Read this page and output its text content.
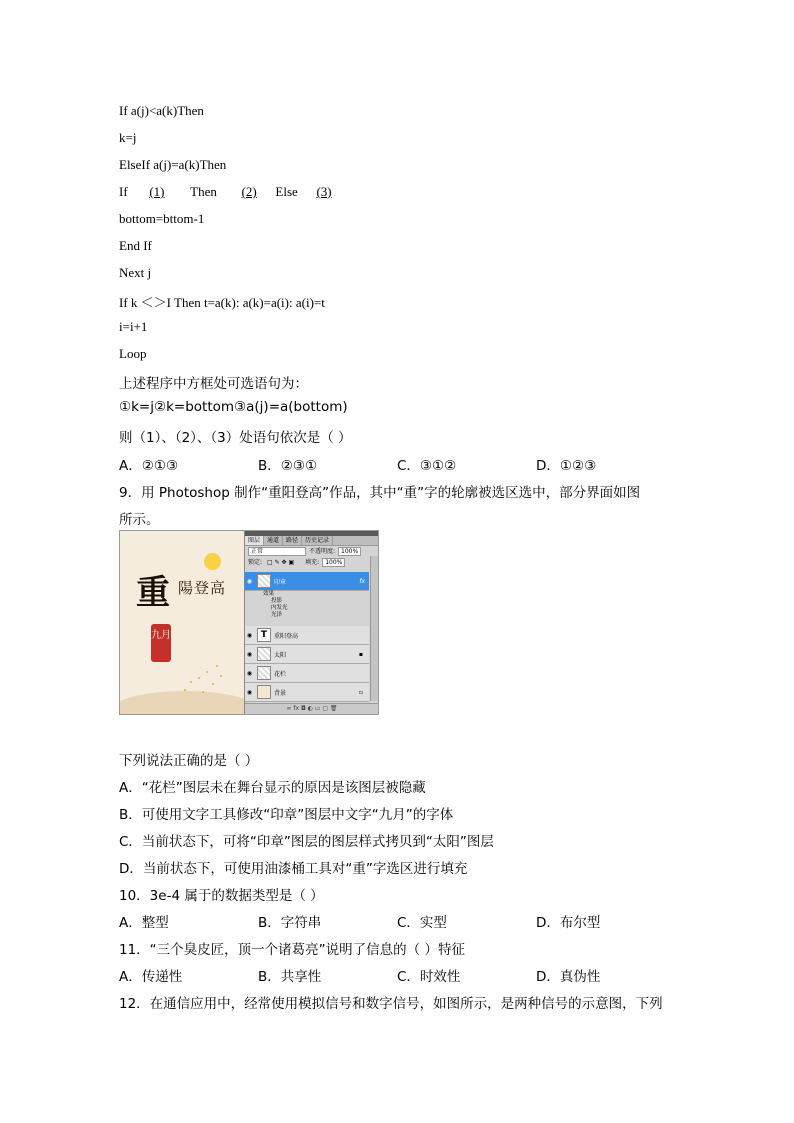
If a(j)<a(k)Then
k=j
ElseIf a(j)=a(k)Then
If (1) Then (2) Else (3)
bottom=bttom-1
End If
Next j
If k ＜＞I Then t=a(k): a(k)=a(i): a(i)=t
i=i+1
Loop
上述程序中方框处可选语句为：
①k=j②k=bottom③a(j)=a(bottom)
则（1）、（2）、（3）处语句依次是（ ）
A．②①③	B．②③①	C．③①②	D．①②③
9．用 Photoshop 制作“重阳登高”作品，其中“重”字的轮廓被选区选中，部分界面如图
所示。
重 陽登高
九月
图层	通道	路径	历史记录
正常	不透明度:	100%
锁定: □ ✎ ✥ ▣ 填充:	100%
◉	印章	fx
效果
投影
内发光
光泽
◉ T	重阳登高
◉	太阳	▪
◉	花栏
◉	背景	▫
∞ fx ◘ ◐ ▭ ▢ 🗑
下列说法正确的是（ ）
A．“花栏”图层未在舞台显示的原因是该图层被隐藏
B．可使用文字工具修改“印章”图层中文字“九月”的字体
C．当前状态下，可将“印章”图层的图层样式拷贝到“太阳”图层
D．当前状态下，可使用油漆桶工具对“重”字选区进行填充
10．3e-4 属于的数据类型是（ ）
A．整型	B．字符串	C．实型	D．布尔型
11．“三个臭皮匠，顶一个诸葛亮”说明了信息的（ ）特征
A．传递性	B．共享性	C．时效性	D．真伪性
12．在通信应用中，经常使用模拟信号和数字信号，如图所示，是两种信号的示意图，下列
